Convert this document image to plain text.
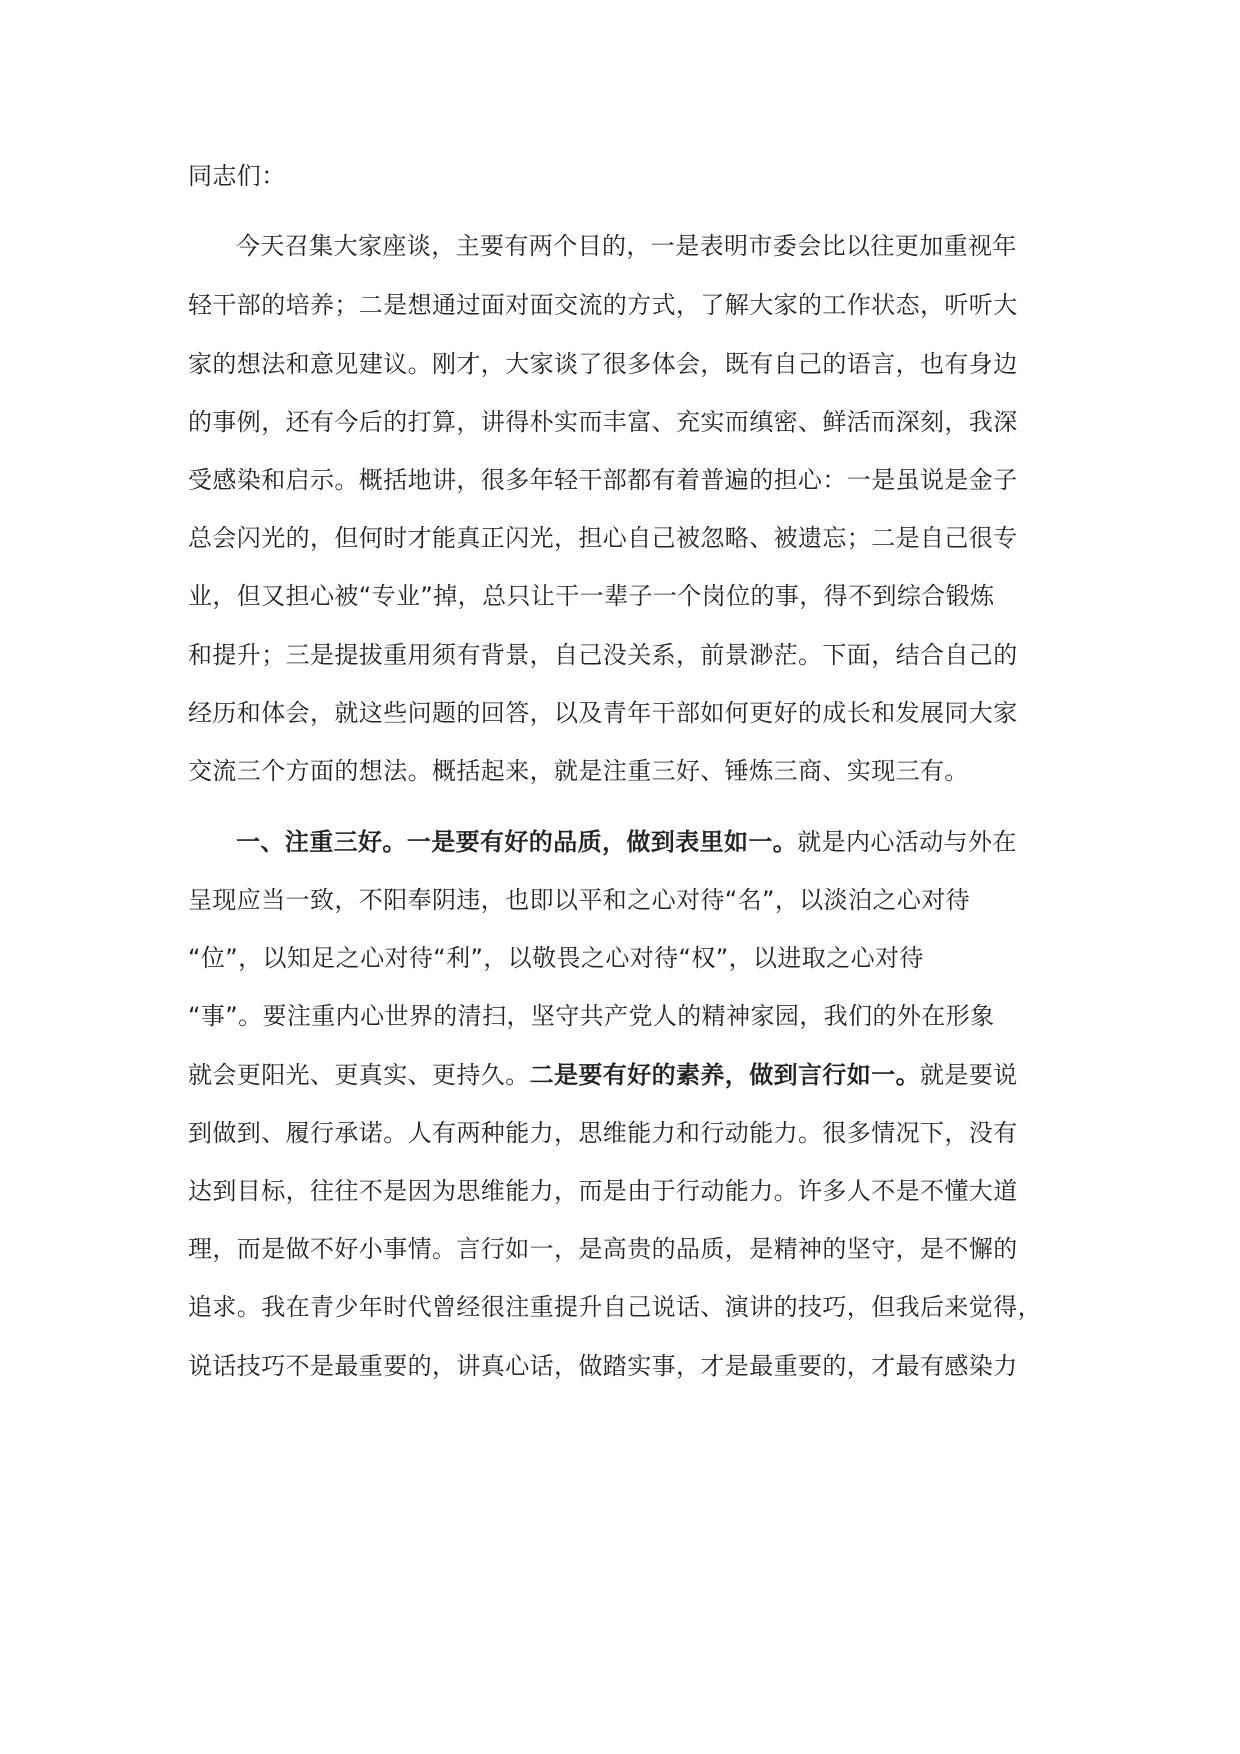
同志们：
今天召集大家座谈，主要有两个目的，一是表明市委会比以往更加重视年
轻干部的培养；二是想通过面对面交流的方式，了解大家的工作状态，听听大
家的想法和意见建议。刚才，大家谈了很多体会，既有自己的语言，也有身边
的事例，还有今后的打算，讲得朴实而丰富、充实而缜密、鲜活而深刻，我深
受感染和启示。概括地讲，很多年轻干部都有着普遍的担心：一是虽说是金子
总会闪光的，但何时才能真正闪光，担心自己被忽略、被遗忘；二是自己很专
业，但又担心被“专业”掉，总只让干一辈子一个岗位的事，得不到综合锻炼
和提升；三是提拔重用须有背景，自己没关系，前景渺茫。下面，结合自己的
经历和体会，就这些问题的回答，以及青年干部如何更好的成长和发展同大家
交流三个方面的想法。概括起来，就是注重三好、锤炼三商、实现三有。
一、注重三好。一是要有好的品质，做到表里如一。就是内心活动与外在
呈现应当一致，不阳奉阴违，也即以平和之心对待“名”，以淡泊之心对待
“位”，以知足之心对待“利”，以敬畏之心对待“权”，以进取之心对待
“事”。要注重内心世界的清扫，坚守共产党人的精神家园，我们的外在形象
就会更阳光、更真实、更持久。二是要有好的素养，做到言行如一。就是要说
到做到、履行承诺。人有两种能力，思维能力和行动能力。很多情况下，没有
达到目标，往往不是因为思维能力，而是由于行动能力。许多人不是不懂大道
理，而是做不好小事情。言行如一，是高贵的品质，是精神的坚守，是不懈的
追求。我在青少年时代曾经很注重提升自己说话、演讲的技巧，但我后来觉得，
说话技巧不是最重要的，讲真心话，做踏实事，才是最重要的，才最有感染力
